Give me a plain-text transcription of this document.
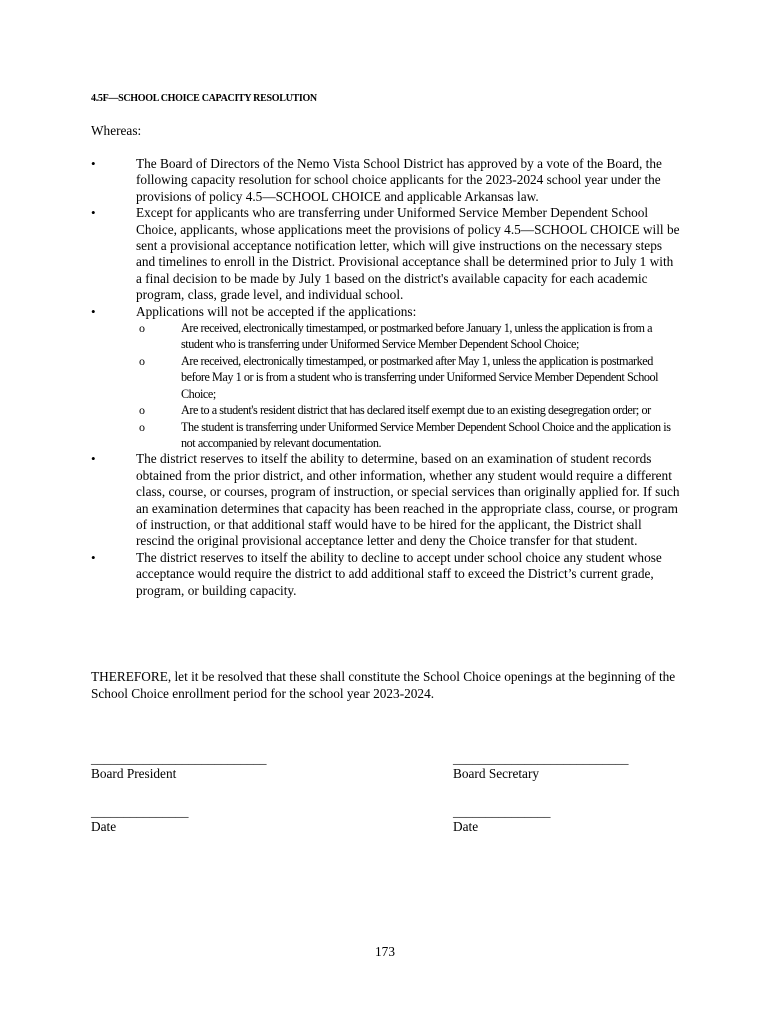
4.5F—SCHOOL CHOICE CAPACITY RESOLUTION
Whereas:
•
The Board of Directors of the Nemo Vista School District has approved by a vote of the Board, the following capacity resolution for school choice applicants for the 2023-2024 school year under the provisions of policy 4.5—SCHOOL CHOICE and applicable Arkansas law.
•
Except for applicants who are transferring under Uniformed Service Member Dependent School Choice, applicants, whose applications meet the provisions of policy 4.5—SCHOOL CHOICE will be sent a provisional acceptance notification letter, which will give instructions on the necessary steps and timelines to enroll in the District. Provisional acceptance shall be determined prior to July 1 with a final decision to be made by July 1 based on the district's available capacity for each academic program, class, grade level, and individual school.
•
Applications will not be accepted if the applications:
o	Are received, electronically timestamped, or postmarked before January 1, unless the application is from a student who is transferring under Uniformed Service Member Dependent School Choice;
o	Are received, electronically timestamped, or postmarked after May 1, unless the application is postmarked before May 1 or is from a student who is transferring under Uniformed Service Member Dependent School Choice;
o	Are to a student's resident district that has declared itself exempt due to an existing desegregation order; or
o	The student is transferring under Uniformed Service Member Dependent School Choice and the application is not accompanied by relevant documentation.
•
The district reserves to itself the ability to determine, based on an examination of student records obtained from the prior district, and other information, whether any student would require a different class, course, or courses, program of instruction, or special services than originally applied for. If such an examination determines that capacity has been reached in the appropriate class, course, or program of instruction, or that additional staff would have to be hired for the applicant, the District shall rescind the original provisional acceptance letter and deny the Choice transfer for that student.
•
The district reserves to itself the ability to decline to accept under school choice any student whose acceptance would require the district to add additional staff to exceed the District’s current grade, program, or building capacity.
THEREFORE, let it be resolved that these shall constitute the School Choice openings at the beginning of the School Choice enrollment period for the school year 2023-2024.
___________________________
Board President
___________________________
Board Secretary
_______________
Date
_______________
Date
173
